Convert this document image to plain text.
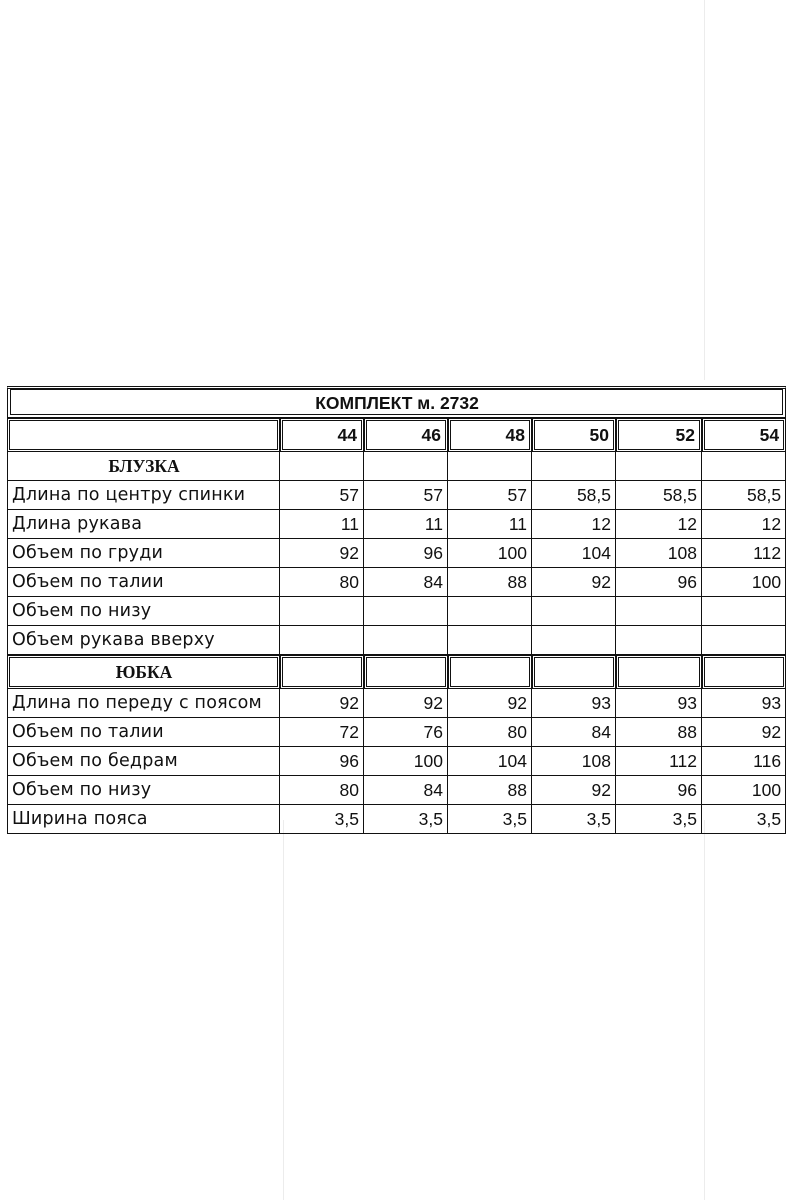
КОМПЛЕКТ м. 2732						
	44	46	48	50	52	54
БЛУЗКА						
Длина по центру спинки	57	57	57	58,5	58,5	58,5
Длина рукава	11	11	11	12	12	12
Объем по груди	92	96	100	104	108	112
Объем по талии	80	84	88	92	96	100
Объем по низу						
Объем рукава вверху						
ЮБКА						
Длина по переду с поясом	92	92	92	93	93	93
Объем по талии	72	76	80	84	88	92
Объем по бедрам	96	100	104	108	112	116
Объем по низу	80	84	88	92	96	100
Ширина пояса	3,5	3,5	3,5	3,5	3,5	3,5
